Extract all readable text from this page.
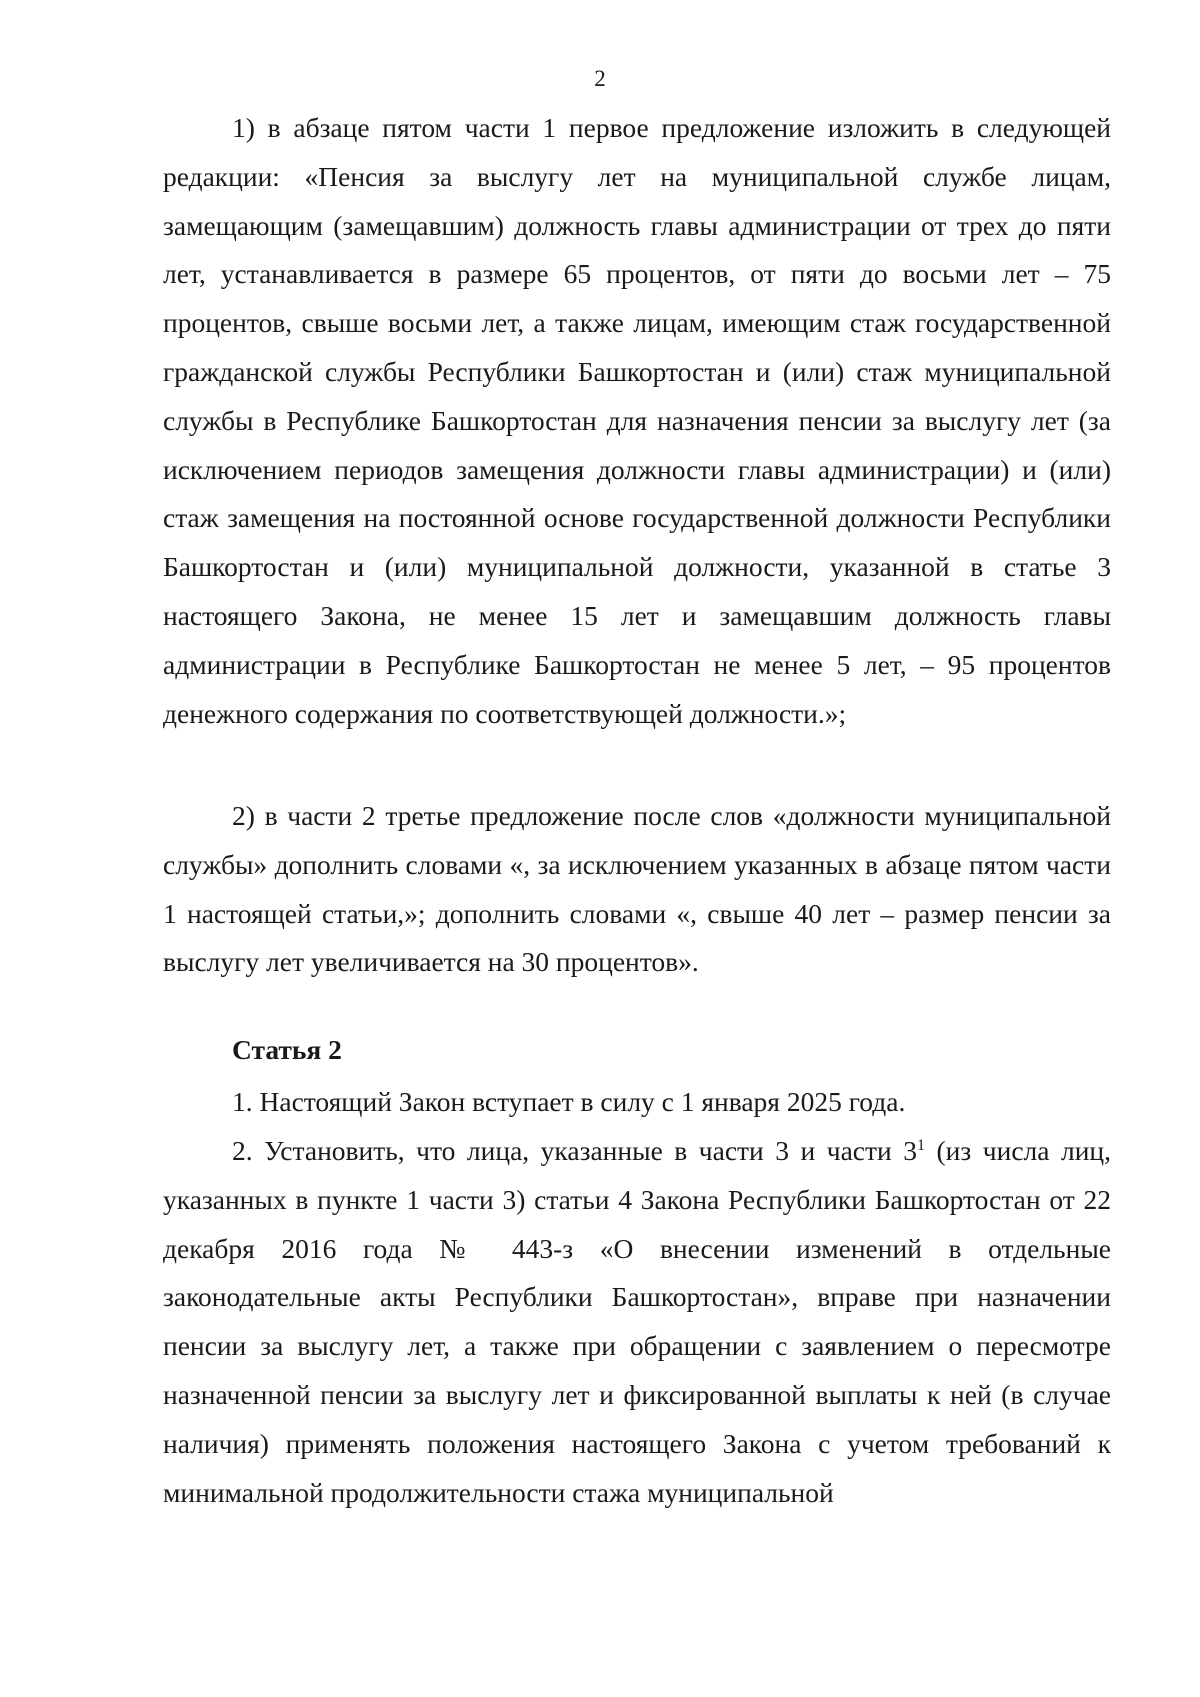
2

1) в абзаце пятом части 1 первое предложение изложить в следующей редакции: «Пенсия за выслугу лет на муниципальной службе лицам, замещающим (замещавшим) должность главы администрации от трех до пяти лет, устанавливается в размере 65 процентов, от пяти до восьми лет – 75 процентов, свыше восьми лет, а также лицам, имеющим стаж государственной гражданской службы Республики Башкортостан и (или) стаж муниципальной службы в Республике Башкортостан для назначения пенсии за выслугу лет (за исключением периодов замещения должности главы администрации) и (или) стаж замещения на постоянной основе государственной должности Республики Башкортостан и (или) муниципальной должности, указанной в статье 3 настоящего Закона, не менее 15 лет и замещавшим должность главы администрации в Республике Башкортостан не менее 5 лет, – 95 процентов денежного содержания по соответствующей должности.»;

2) в части 2 третье предложение после слов «должности муниципальной службы» дополнить словами «, за исключением указанных в абзаце пятом части 1 настоящей статьи,»; дополнить словами «, свыше 40 лет – размер пенсии за выслугу лет увеличивается на 30 процентов».

Статья 2

1. Настоящий Закон вступает в силу с 1 января 2025 года.

2. Установить, что лица, указанные в части 3 и части $3^1$ (из числа лиц, указанных в пункте 1 части 3) статьи 4 Закона Республики Башкортостан от 22 декабря 2016 года № 443-з «О внесении изменений в отдельные законодательные акты Республики Башкортостан», вправе при назначении пенсии за выслугу лет, а также при обращении с заявлением о пересмотре назначенной пенсии за выслугу лет и фиксированной выплаты к ней (в случае наличия) применять положения настоящего Закона с учетом требований к минимальной продолжительности стажа муниципальной
